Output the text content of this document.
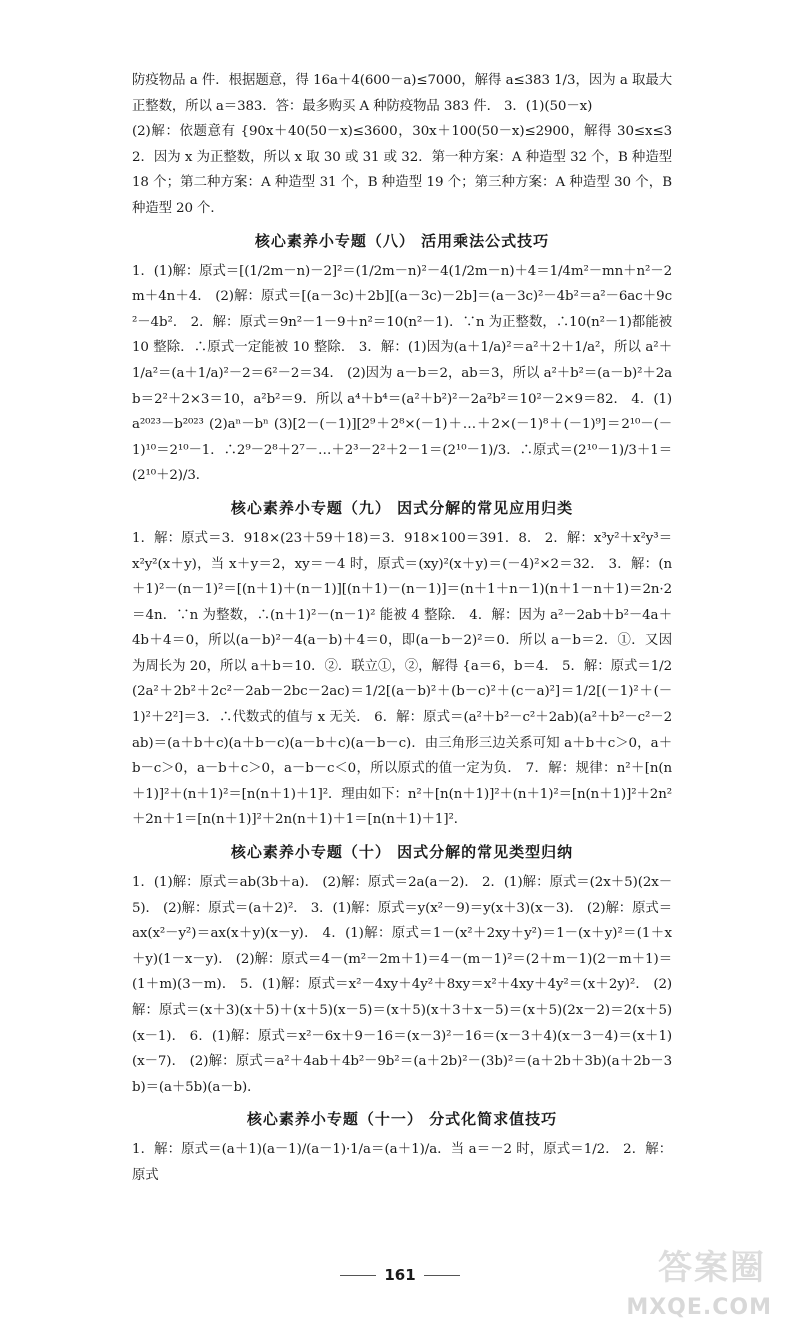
防疫物品 a 件．根据题意，得 16a＋4(600－a)≤7000，解得 a≤383 1/3，因为 a 取最大正整数，所以 a＝383．答：最多购买 A 种防疫物品 383 件． 3．(1)(50－x)

(2)解：依题意有 {90x＋40(50－x)≤3600，30x＋100(50－x)≤2900，解得 30≤x≤32．因为 x 为正整数，所以 x 取 30 或 31 或 32．第一种方案：A 种造型 32 个，B 种造型 18 个；第二种方案：A 种造型 31 个，B 种造型 19 个；第三种方案：A 种造型 30 个，B 种造型 20 个．

核心素养小专题（八） 活用乘法公式技巧

1．(1)解：原式＝[(1/2m－n)－2]²＝(1/2m－n)²－4(1/2m－n)＋4＝1/4m²－mn＋n²－2m＋4n＋4． (2)解：原式＝[(a－3c)＋2b][(a－3c)－2b]＝(a－3c)²－4b²＝a²－6ac＋9c²－4b²． 2．解：原式＝9n²－1－9＋n²＝10(n²－1)．∵n 为正整数，∴10(n²－1)都能被 10 整除．∴原式一定能被 10 整除． 3．解：(1)因为(a＋1/a)²＝a²＋2＋1/a²，所以 a²＋1/a²＝(a＋1/a)²－2＝6²－2＝34． (2)因为 a－b＝2，ab＝3，所以 a²＋b²＝(a－b)²＋2ab＝2²＋2×3＝10，a²b²＝9．所以 a⁴＋b⁴＝(a²＋b²)²－2a²b²＝10²－2×9＝82． 4．(1)a²⁰²³－b²⁰²³ (2)aⁿ－bⁿ (3)[2－(－1)][2⁹＋2⁸×(－1)＋…＋2×(－1)⁸＋(－1)⁹]＝2¹⁰－(－1)¹⁰＝2¹⁰－1．∴2⁹－2⁸＋2⁷－…＋2³－2²＋2－1＝(2¹⁰－1)/3．∴原式＝(2¹⁰－1)/3＋1＝(2¹⁰＋2)/3．

核心素养小专题（九） 因式分解的常见应用归类

1．解：原式＝3．918×(23＋59＋18)＝3．918×100＝391．8． 2．解：x³y²＋x²y³＝x²y²(x＋y)，当 x＋y＝2，xy＝－4 时，原式＝(xy)²(x＋y)＝(－4)²×2＝32． 3．解：(n＋1)²－(n－1)²＝[(n＋1)＋(n－1)][(n＋1)－(n－1)]＝(n＋1＋n－1)(n＋1－n＋1)＝2n·2＝4n．∵n 为整数，∴(n＋1)²－(n－1)² 能被 4 整除． 4．解：因为 a²－2ab＋b²－4a＋4b＋4＝0，所以(a－b)²－4(a－b)＋4＝0，即(a－b－2)²＝0．所以 a－b＝2．①．又因为周长为 20，所以 a＋b＝10．②．联立①，②，解得 {a＝6，b＝4． 5．解：原式＝1/2(2a²＋2b²＋2c²－2ab－2bc－2ac)＝1/2[(a－b)²＋(b－c)²＋(c－a)²]＝1/2[(－1)²＋(－1)²＋2²]＝3．∴代数式的值与 x 无关． 6．解：原式＝(a²＋b²－c²＋2ab)(a²＋b²－c²－2ab)＝(a＋b＋c)(a＋b－c)(a－b＋c)(a－b－c)．由三角形三边关系可知 a＋b＋c＞0，a＋b－c＞0，a－b＋c＞0，a－b－c＜0，所以原式的值一定为负． 7．解：规律：n²＋[n(n＋1)]²＋(n＋1)²＝[n(n＋1)＋1]²．理由如下：n²＋[n(n＋1)]²＋(n＋1)²＝[n(n＋1)]²＋2n²＋2n＋1＝[n(n＋1)]²＋2n(n＋1)＋1＝[n(n＋1)＋1]²．

核心素养小专题（十） 因式分解的常见类型归纳

1．(1)解：原式＝ab(3b＋a)． (2)解：原式＝2a(a－2)． 2．(1)解：原式＝(2x＋5)(2x－5)． (2)解：原式＝(a＋2)²． 3．(1)解：原式＝y(x²－9)＝y(x＋3)(x－3)． (2)解：原式＝ax(x²－y²)＝ax(x＋y)(x－y)． 4．(1)解：原式＝1－(x²＋2xy＋y²)＝1－(x＋y)²＝(1＋x＋y)(1－x－y)． (2)解：原式＝4－(m²－2m＋1)＝4－(m－1)²＝(2＋m－1)(2－m＋1)＝(1＋m)(3－m)． 5．(1)解：原式＝x²－4xy＋4y²＋8xy＝x²＋4xy＋4y²＝(x＋2y)²． (2)解：原式＝(x＋3)(x＋5)＋(x＋5)(x－5)＝(x＋5)(x＋3＋x－5)＝(x＋5)(2x－2)＝2(x＋5)(x－1)． 6．(1)解：原式＝x²－6x＋9－16＝(x－3)²－16＝(x－3＋4)(x－3－4)＝(x＋1)(x－7)． (2)解：原式＝a²＋4ab＋4b²－9b²＝(a＋2b)²－(3b)²＝(a＋2b＋3b)(a＋2b－3b)＝(a＋5b)(a－b)．

核心素养小专题（十一） 分式化简求值技巧

1．解：原式＝(a＋1)(a－1)/(a－1)·1/a＝(a＋1)/a．当 a＝－2 时，原式＝1/2． 2．解：原式

161	答案圈
MXQE.COM
